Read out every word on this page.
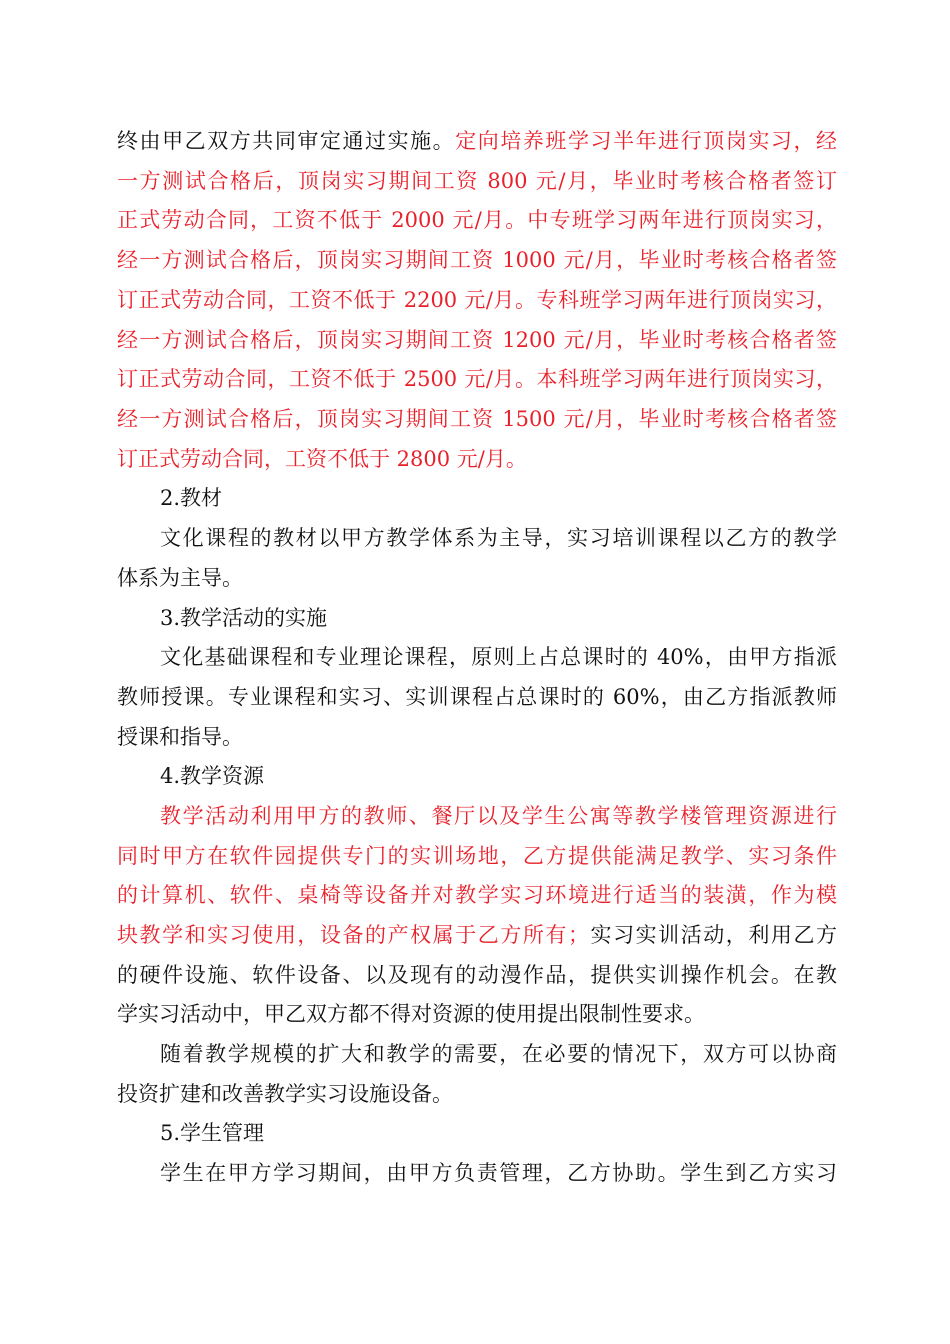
终由甲乙双方共同审定通过实施。定向培养班学习半年进行顶岗实习，经
一方测试合格后，顶岗实习期间工资 800 元/月，毕业时考核合格者签订
正式劳动合同，工资不低于 2000 元/月。中专班学习两年进行顶岗实习，
经一方测试合格后，顶岗实习期间工资 1000 元/月，毕业时考核合格者签
订正式劳动合同，工资不低于 2200 元/月。专科班学习两年进行顶岗实习，
经一方测试合格后，顶岗实习期间工资 1200 元/月，毕业时考核合格者签
订正式劳动合同，工资不低于 2500 元/月。本科班学习两年进行顶岗实习，
经一方测试合格后，顶岗实习期间工资 1500 元/月，毕业时考核合格者签
订正式劳动合同，工资不低于 2800 元/月。
2.教材
文化课程的教材以甲方教学体系为主导，实习培训课程以乙方的教学
体系为主导。
3.教学活动的实施
文化基础课程和专业理论课程，原则上占总课时的 40%，由甲方指派
教师授课。专业课程和实习、实训课程占总课时的 60%，由乙方指派教师
授课和指导。
4.教学资源
教学活动利用甲方的教师、餐厅以及学生公寓等教学楼管理资源进行
同时甲方在软件园提供专门的实训场地，乙方提供能满足教学、实习条件
的计算机、软件、桌椅等设备并对教学实习环境进行适当的装潢，作为模
块教学和实习使用，设备的产权属于乙方所有；实习实训活动，利用乙方
的硬件设施、软件设备、以及现有的动漫作品，提供实训操作机会。在教
学实习活动中，甲乙双方都不得对资源的使用提出限制性要求。
随着教学规模的扩大和教学的需要，在必要的情况下，双方可以协商
投资扩建和改善教学实习设施设备。
5.学生管理
学生在甲方学习期间，由甲方负责管理，乙方协助。学生到乙方实习
